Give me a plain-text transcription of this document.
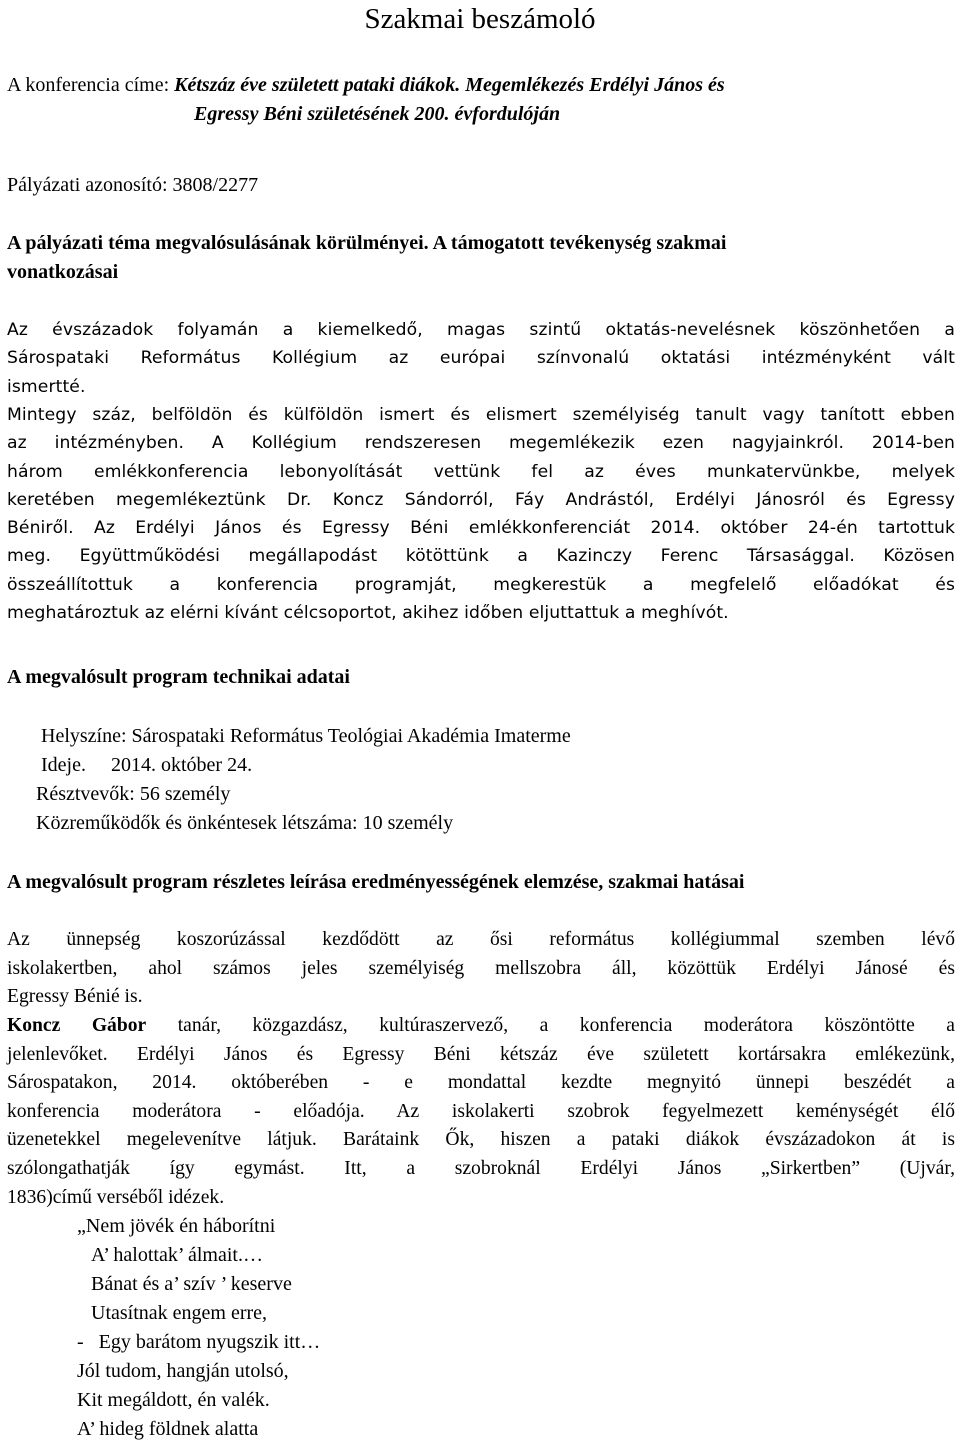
Szakmai beszámoló
A konferencia címe: Kétszáz éve született pataki diákok. Megemlékezés Erdélyi János és
Egressy Béni születésének 200. évfordulóján
Pályázati azonosító: 3808/2277
A pályázati téma megvalósulásának körülményei. A támogatott tevékenység szakmai
vonatkozásai
Az évszázadok folyamán a kiemelkedő, magas szintű oktatás-nevelésnek köszönhetően a
Sárospataki Református Kollégium az európai színvonalú oktatási intézményként vált
ismertté.
Mintegy száz, belföldön és külföldön ismert és elismert személyiség tanult vagy tanított ebben
az intézményben. A Kollégium rendszeresen megemlékezik ezen nagyjainkról. 2014-ben
három emlékkonferencia lebonyolítását vettünk fel az éves munkatervünkbe, melyek
keretében megemlékeztünk Dr. Koncz Sándorról, Fáy Andrástól, Erdélyi Jánosról és Egressy
Béniről. Az Erdélyi János és Egressy Béni emlékkonferenciát 2014. október 24-én tartottuk
meg. Együttműködési megállapodást kötöttünk a Kazinczy Ferenc Társasággal. Közösen
összeállítottuk a konferencia programját, megkerestük a megfelelő előadókat és
meghatároztuk az elérni kívánt célcsoportot, akihez időben eljuttattuk a meghívót.
A megvalósult program technikai adatai
Helyszíne: Sárospataki Református Teológiai Akadémia Imaterme
Ideje.     2014. október 24.
Résztvevők: 56 személy
Közreműködők és önkéntesek létszáma: 10 személy
A megvalósult program részletes leírása eredményességének elemzése, szakmai hatásai
Az ünnepség koszorúzással kezdődött az ősi református kollégiummal szemben lévő
iskolakertben, ahol számos jeles személyiség mellszobra áll, közöttük Erdélyi Jánosé és
Egressy Bénié is.
Koncz Gábor tanár, közgazdász, kultúraszervező, a konferencia moderátora köszöntötte a
jelenlevőket. Erdélyi János és Egressy Béni kétszáz éve született kortársakra emlékezünk,
Sárospatakon, 2014. októberében - e mondattal kezdte megnyitó ünnepi beszédét a
konferencia moderátora - előadója. Az iskolakerti szobrok fegyelmezett keménységét élő
üzenetekkel megelevenítve látjuk. Barátaink Ők, hiszen a pataki diákok évszázadokon át is
szólongathatják így egymást. Itt, a szobroknál Erdélyi János „Sirkertben” (Ujvár,
1836)című verséből idézek.
„Nem jövék én háborítni
A’ halottak’ álmait.…
Bánat és a’ szív ’ keserve
Utasítnak engem erre,
-   Egy barátom nyugszik itt…
Jól tudom, hangján utolsó,
Kit megáldott, én valék.
A’ hideg földnek alatta
